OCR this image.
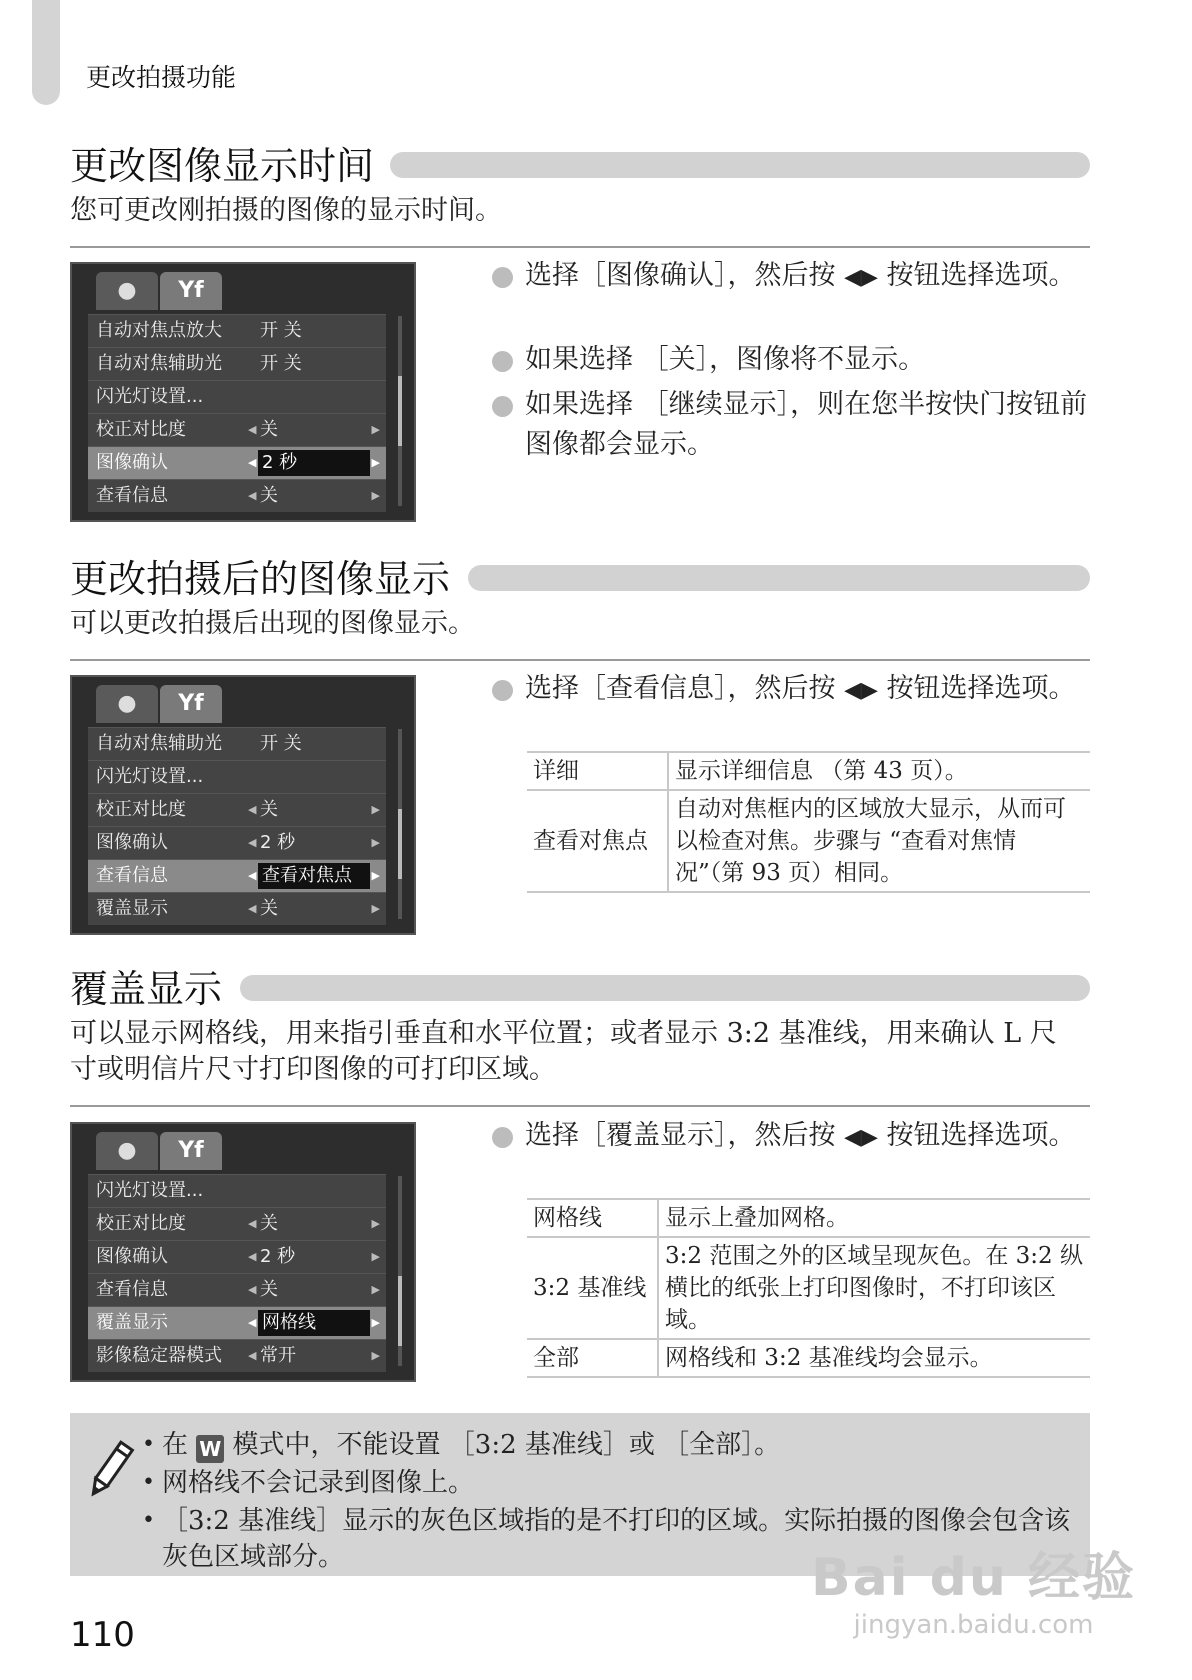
更改拍摄功能
更改图像显示时间
您可更改刚拍摄的图像的显示时间。
●	Yf
自动对焦点放大 开 关
自动对焦辅助光 开 关
闪光灯设置...
校正对比度	◀ 关	▶
图像确认	◀ 2 秒	▶
查看信息	◀ 关	▶
选择［图像确认］，然后按 ◀▶ 按钮选择选项。
如果选择 ［关］，图像将不显示。
如果选择 ［继续显示］，则在您半按快门按钮前图像都会显示。
更改拍摄后的图像显示
可以更改拍摄后出现的图像显示。
●	Yf
自动对焦辅助光 开 关
闪光灯设置...
校正对比度	◀ 关	▶
图像确认	◀ 2 秒	▶
查看信息	◀ 查看对焦点	▶
覆盖显示	◀ 关	▶
选择［查看信息］，然后按 ◀▶ 按钮选择选项。
详细	显示详细信息 （第 43 页）。
查看对焦点	自动对焦框内的区域放大显示，从而可以检查对焦。步骤与 “查看对焦情况”（第 93 页）相同。
覆盖显示
可以显示网格线，用来指引垂直和水平位置；或者显示 3:2 基准线，用来确认 L 尺寸或明信片尺寸打印图像的可打印区域。
●	Yf
闪光灯设置...
校正对比度	◀ 关	▶
图像确认	◀ 2 秒	▶
查看信息	◀ 关	▶
覆盖显示	◀ 网格线	▶
影像稳定器模式 ◀ 常开	▶
选择［覆盖显示］，然后按 ◀▶ 按钮选择选项。
网格线	显示上叠加网格。
3:2 基准线	3:2 范围之外的区域呈现灰色。在 3:2 纵横比的纸张上打印图像时，不打印该区域。
全部	网格线和 3:2 基准线均会显示。
• 在 W 模式中，不能设置 ［3:2 基准线］或 ［全部］。
• 网格线不会记录到图像上。
• ［3:2 基准线］显示的灰色区域指的是不打印的区域。实际拍摄的图像会包含该灰色区域部分。
110
Bai du 经验
jingyan.baidu.com
